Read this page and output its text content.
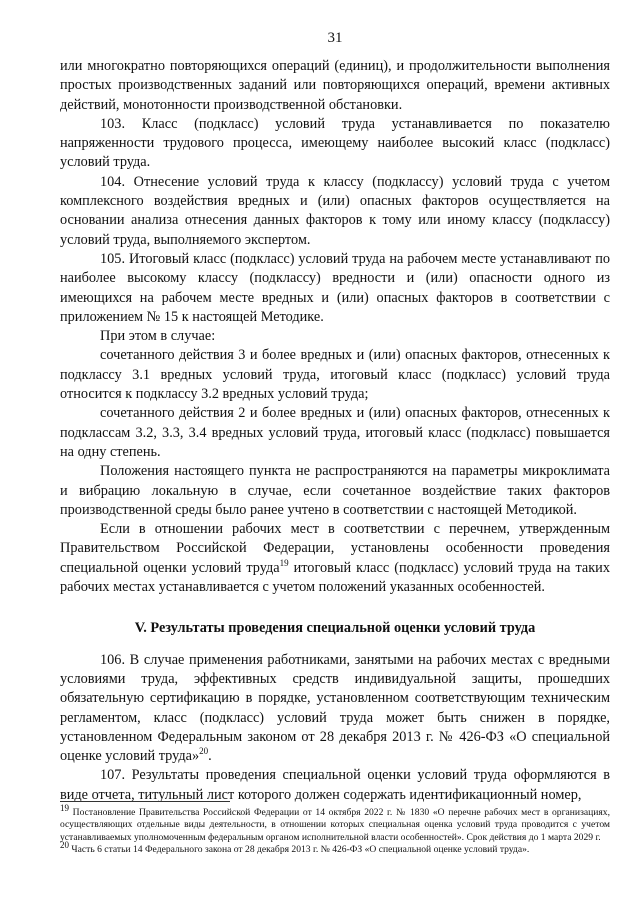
31

или многократно повторяющихся операций (единиц), и продолжительности выполнения простых производственных заданий или повторяющихся операций, времени активных действий, монотонности производственной обстановки.

103. Класс (подкласс) условий труда устанавливается по показателю напряженности трудового процесса, имеющему наиболее высокий класс (подкласс) условий труда.

104. Отнесение условий труда к классу (подклассу) условий труда с учетом комплексного воздействия вредных и (или) опасных факторов осуществляется на основании анализа отнесения данных факторов к тому или иному классу (подклассу) условий труда, выполняемого экспертом.

105. Итоговый класс (подкласс) условий труда на рабочем месте устанавливают по наиболее высокому классу (подклассу) вредности и (или) опасности одного из имеющихся на рабочем месте вредных и (или) опасных факторов в соответствии с приложением № 15 к настоящей Методике.

При этом в случае:

сочетанного действия 3 и более вредных и (или) опасных факторов, отнесенных к подклассу 3.1 вредных условий труда, итоговый класс (подкласс) условий труда относится к подклассу 3.2 вредных условий труда;

сочетанного действия 2 и более вредных и (или) опасных факторов, отнесенных к подклассам 3.2, 3.3, 3.4 вредных условий труда, итоговый класс (подкласс) повышается на одну степень.

Положения настоящего пункта не распространяются на параметры микроклимата и вибрацию локальную в случае, если сочетанное воздействие таких факторов производственной среды было ранее учтено в соответствии с настоящей Методикой.

Если в отношении рабочих мест в соответствии с перечнем, утвержденным Правительством Российской Федерации, установлены особенности проведения специальной оценки условий труда$^{19}$ итоговый класс (подкласс) условий труда на таких рабочих местах устанавливается с учетом положений указанных особенностей.

V. Результаты проведения специальной оценки условий труда

106. В случае применения работниками, занятыми на рабочих местах с вредными условиями труда, эффективных средств индивидуальной защиты, прошедших обязательную сертификацию в порядке, установленном соответствующим техническим регламентом, класс (подкласс) условий труда может быть снижен в порядке, установленном Федеральным законом от 28 декабря 2013 г. № 426-ФЗ «О специальной оценке условий труда»$^{20}$.

107. Результаты проведения специальной оценки условий труда оформляются в виде отчета, титульный лист которого должен содержать идентификационный номер,

$^{19}$ Постановление Правительства Российской Федерации от 14 октября 2022 г. № 1830 «О перечне рабочих мест в организациях, осуществляющих отдельные виды деятельности, в отношении которых специальная оценка условий труда проводится с учетом устанавливаемых уполномоченным федеральным органом исполнительной власти особенностей». Срок действия до 1 марта 2029 г.

$^{20}$ Часть 6 статьи 14 Федерального закона от 28 декабря 2013 г. № 426-ФЗ «О специальной оценке условий труда».
